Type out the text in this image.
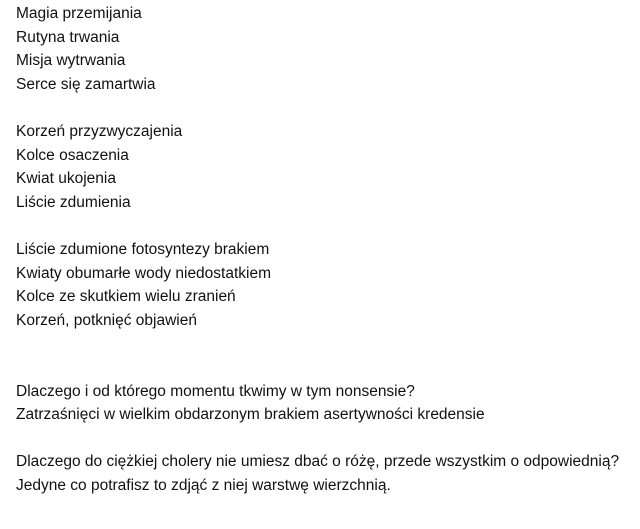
Magia przemijania
Rutyna trwania
Misja wytrwania
Serce się zamartwia
Korzeń przyzwyczajenia
Kolce osaczenia
Kwiat ukojenia
Liście zdumienia
Liście zdumione fotosyntezy brakiem
Kwiaty obumarłe wody niedostatkiem
Kolce ze skutkiem wielu zranień
Korzeń, potknięć objawień
Dlaczego i od którego momentu tkwimy w tym nonsensie?
Zatrzaśnięci w wielkim obdarzonym brakiem asertywności kredensie
Dlaczego do ciężkiej cholery nie umiesz dbać o różę, przede wszystkim o odpowiednią?
Jedyne co potrafisz to zdjąć z niej warstwę wierzchnią.
